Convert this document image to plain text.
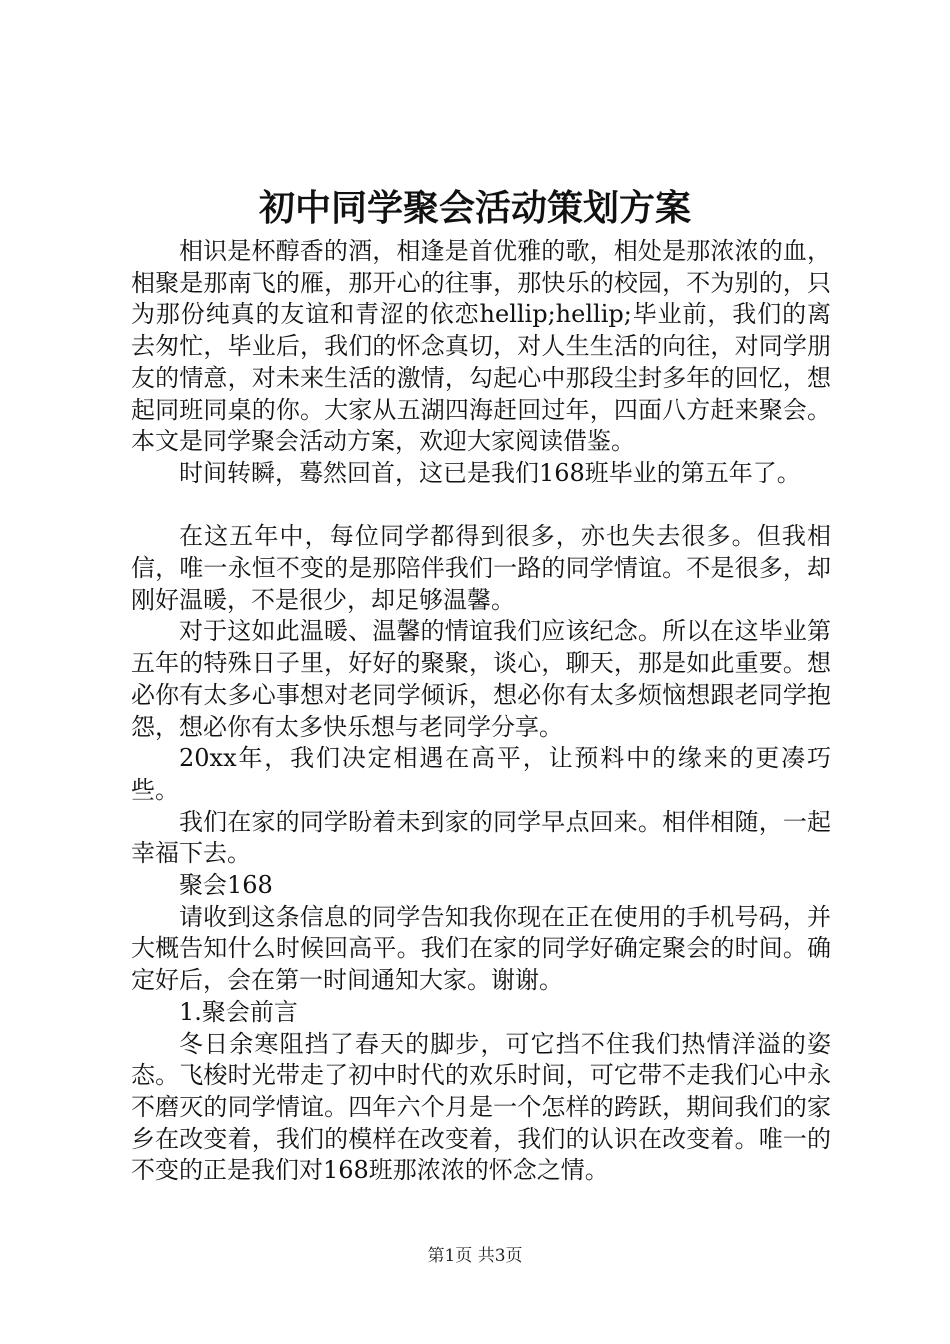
初中同学聚会活动策划方案

相识是杯醇香的酒，相逢是首优雅的歌，相处是那浓浓的血，相聚是那南飞的雁，那开心的往事，那快乐的校园，不为别的，只为那份纯真的友谊和青涩的依恋hellip;hellip;毕业前，我们的离去匆忙，毕业后，我们的怀念真切，对人生生活的向往，对同学朋友的情意，对未来生活的激情，勾起心中那段尘封多年的回忆，想起同班同桌的你。大家从五湖四海赶回过年，四面八方赶来聚会。本文是同学聚会活动方案，欢迎大家阅读借鉴。

时间转瞬，蓦然回首，这已是我们168班毕业的第五年了。

在这五年中，每位同学都得到很多，亦也失去很多。但我相信，唯一永恒不变的是那陪伴我们一路的同学情谊。不是很多，却刚好温暖，不是很少，却足够温馨。

对于这如此温暖、温馨的情谊我们应该纪念。所以在这毕业第五年的特殊日子里，好好的聚聚，谈心，聊天，那是如此重要。想必你有太多心事想对老同学倾诉，想必你有太多烦恼想跟老同学抱怨，想必你有太多快乐想与老同学分享。

20xx年，我们决定相遇在高平，让预料中的缘来的更凑巧些。

我们在家的同学盼着未到家的同学早点回来。相伴相随，一起幸福下去。

聚会168

请收到这条信息的同学告知我你现在正在使用的手机号码，并大概告知什么时候回高平。我们在家的同学好确定聚会的时间。确定好后，会在第一时间通知大家。谢谢。

1.聚会前言

冬日余寒阻挡了春天的脚步，可它挡不住我们热情洋溢的姿态。飞梭时光带走了初中时代的欢乐时间，可它带不走我们心中永不磨灭的同学情谊。四年六个月是一个怎样的跨跃，期间我们的家乡在改变着，我们的模样在改变着，我们的认识在改变着。唯一的不变的正是我们对168班那浓浓的怀念之情。

第1页 共3页
